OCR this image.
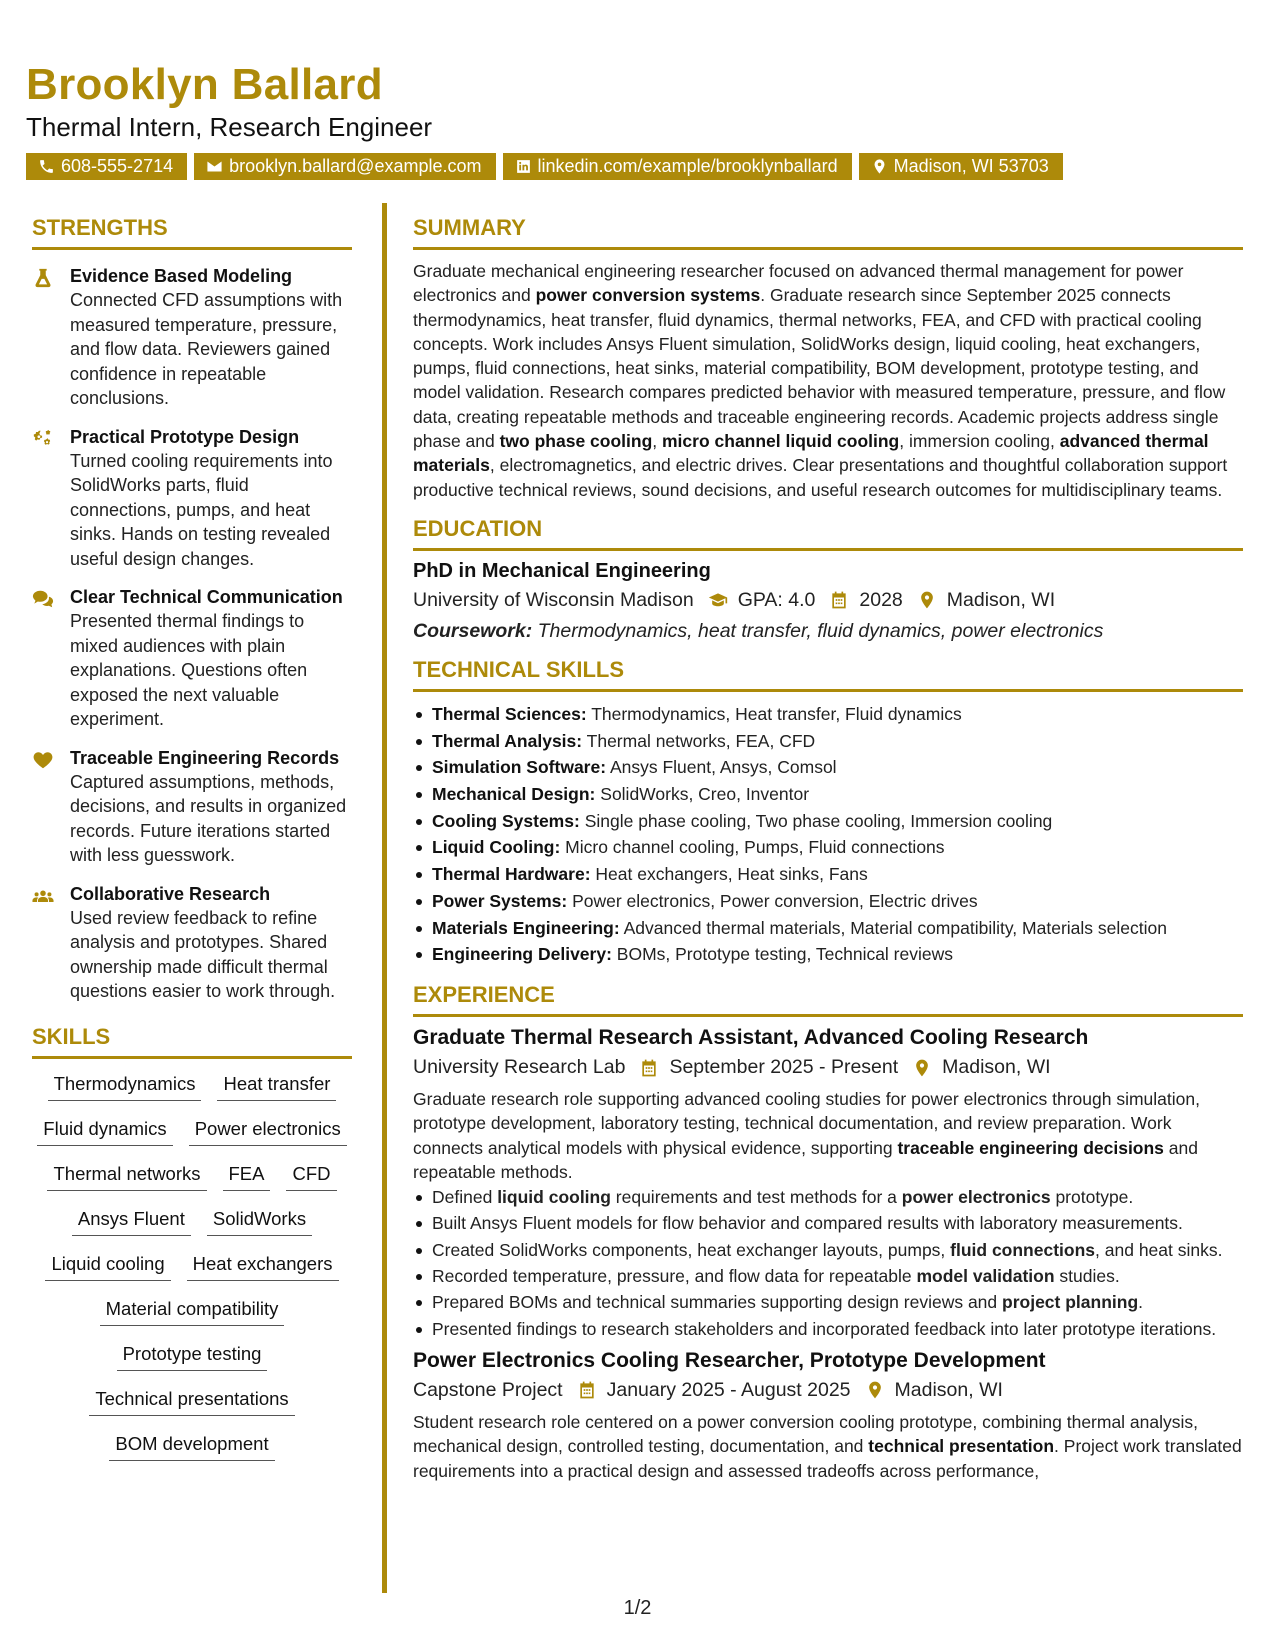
Brooklyn Ballard
Thermal Intern, Research Engineer
608-555-2714	brooklyn.ballard@example.com	linkedin.com/example/brooklynballard	Madison, WI 53703
STRENGTHS
Evidence Based Modeling
Connected CFD assumptions with measured temperature, pressure, and flow data. Reviewers gained confidence in repeatable conclusions.
Practical Prototype Design
Turned cooling requirements into SolidWorks parts, fluid connections, pumps, and heat sinks. Hands on testing revealed useful design changes.
Clear Technical Communication
Presented thermal findings to mixed audiences with plain explanations. Questions often exposed the next valuable experiment.
Traceable Engineering Records
Captured assumptions, methods, decisions, and results in organized records. Future iterations started with less guesswork.
Collaborative Research
Used review feedback to refine analysis and prototypes. Shared ownership made difficult thermal questions easier to work through.
SKILLS
Thermodynamics	Heat transfer
Fluid dynamics	Power electronics
Thermal networks	FEA	CFD
Ansys Fluent	SolidWorks
Liquid cooling	Heat exchangers
Material compatibility
Prototype testing
Technical presentations
BOM development
SUMMARY
Graduate mechanical engineering researcher focused on advanced thermal management for power electronics and power conversion systems. Graduate research since September 2025 connects thermodynamics, heat transfer, fluid dynamics, thermal networks, FEA, and CFD with practical cooling concepts. Work includes Ansys Fluent simulation, SolidWorks design, liquid cooling, heat exchangers, pumps, fluid connections, heat sinks, material compatibility, BOM development, prototype testing, and model validation. Research compares predicted behavior with measured temperature, pressure, and flow data, creating repeatable methods and traceable engineering records. Academic projects address single phase and two phase cooling, micro channel liquid cooling, immersion cooling, advanced thermal materials, electromagnetics, and electric drives. Clear presentations and thoughtful collaboration support productive technical reviews, sound decisions, and useful research outcomes for multidisciplinary teams.
EDUCATION
PhD in Mechanical Engineering
University of Wisconsin Madison GPA: 4.0 2028 Madison, WI
Coursework: Thermodynamics, heat transfer, fluid dynamics, power electronics
TECHNICAL SKILLS
Thermal Sciences: Thermodynamics, Heat transfer, Fluid dynamics
Thermal Analysis: Thermal networks, FEA, CFD
Simulation Software: Ansys Fluent, Ansys, Comsol
Mechanical Design: SolidWorks, Creo, Inventor
Cooling Systems: Single phase cooling, Two phase cooling, Immersion cooling
Liquid Cooling: Micro channel cooling, Pumps, Fluid connections
Thermal Hardware: Heat exchangers, Heat sinks, Fans
Power Systems: Power electronics, Power conversion, Electric drives
Materials Engineering: Advanced thermal materials, Material compatibility, Materials selection
Engineering Delivery: BOMs, Prototype testing, Technical reviews
EXPERIENCE
Graduate Thermal Research Assistant, Advanced Cooling Research
University Research Lab September 2025 - Present Madison, WI
Graduate research role supporting advanced cooling studies for power electronics through simulation, prototype development, laboratory testing, technical documentation, and review preparation. Work connects analytical models with physical evidence, supporting traceable engineering decisions and repeatable methods.
Defined liquid cooling requirements and test methods for a power electronics prototype.
Built Ansys Fluent models for flow behavior and compared results with laboratory measurements.
Created SolidWorks components, heat exchanger layouts, pumps, fluid connections, and heat sinks.
Recorded temperature, pressure, and flow data for repeatable model validation studies.
Prepared BOMs and technical summaries supporting design reviews and project planning.
Presented findings to research stakeholders and incorporated feedback into later prototype iterations.
Power Electronics Cooling Researcher, Prototype Development
Capstone Project January 2025 - August 2025 Madison, WI
Student research role centered on a power conversion cooling prototype, combining thermal analysis, mechanical design, controlled testing, documentation, and technical presentation. Project work translated requirements into a practical design and assessed tradeoffs across performance,
1/2
